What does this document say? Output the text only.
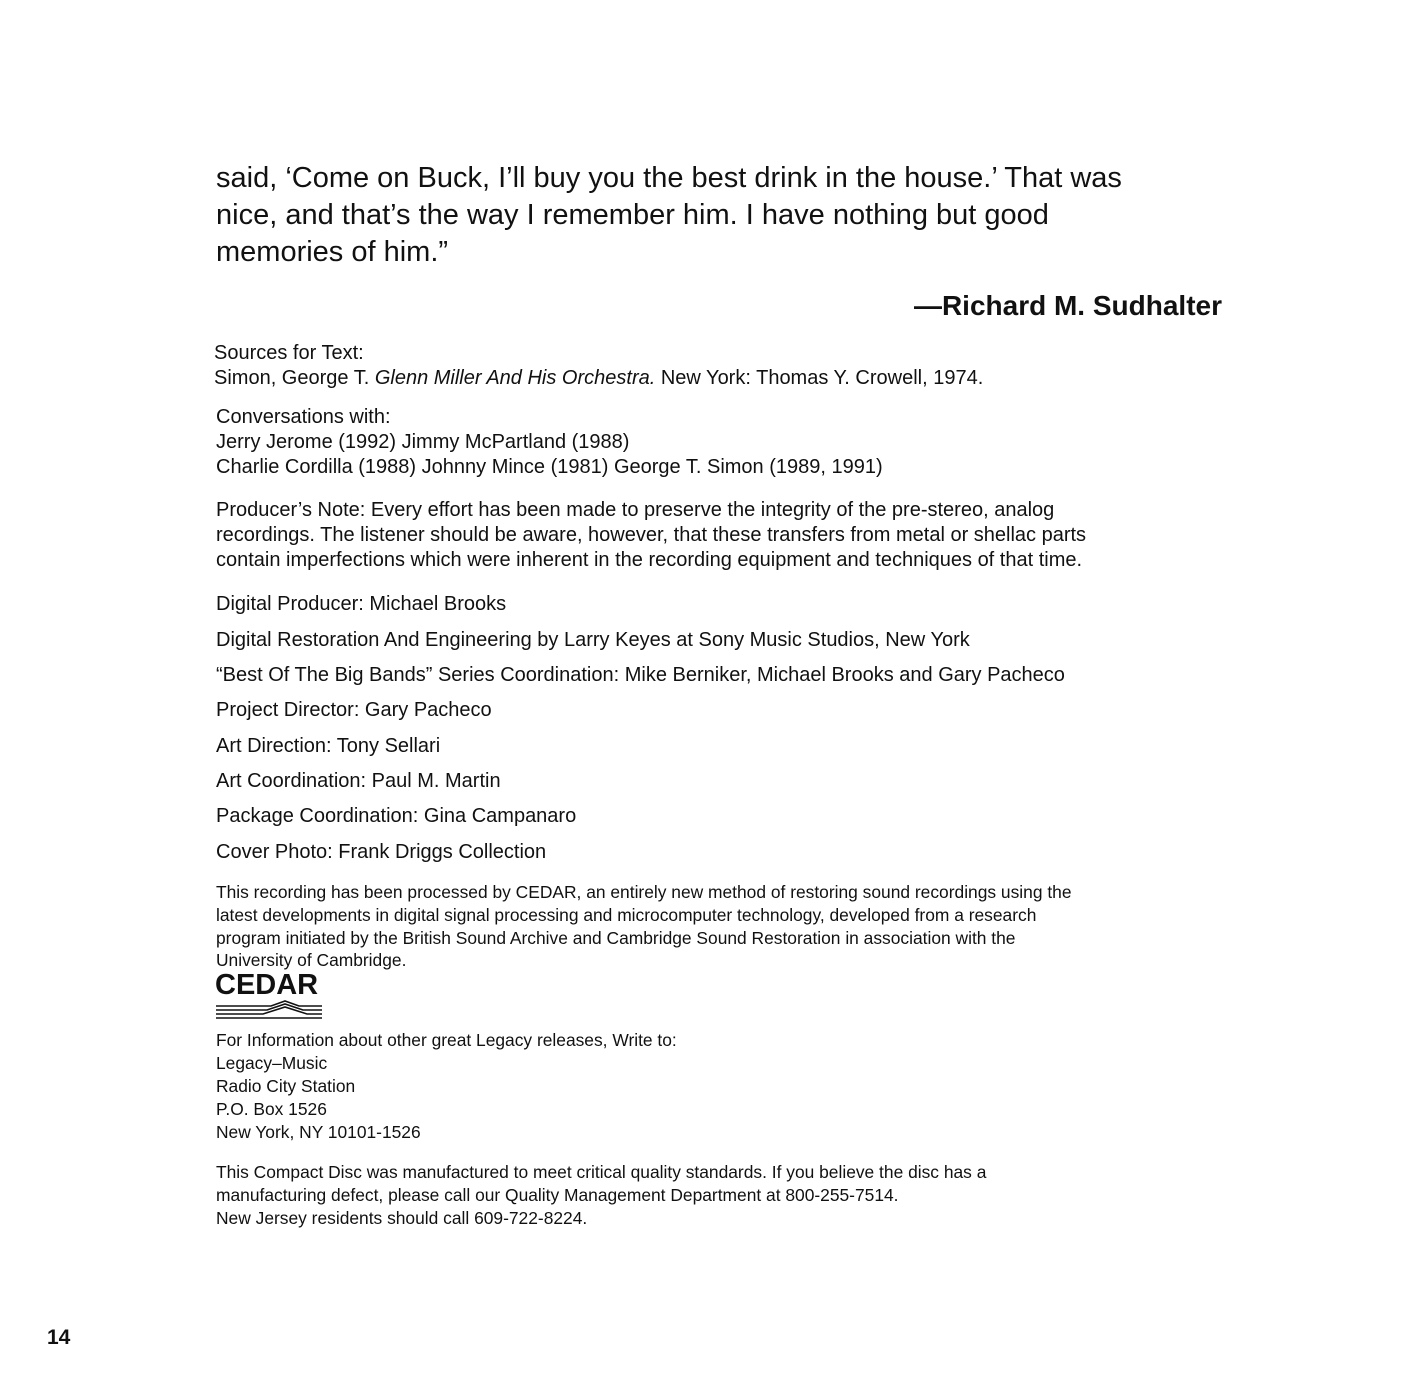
said, ‘Come on Buck, I’ll buy you the best drink in the house.’ That was
nice, and that’s the way I remember him. I have nothing but good
memories of him.”
—Richard M. Sudhalter
Sources for Text:
Simon, George T. Glenn Miller And His Orchestra. New York: Thomas Y. Crowell, 1974.
Conversations with:
Jerry Jerome (1992) Jimmy McPartland (1988)
Charlie Cordilla (1988) Johnny Mince (1981) George T. Simon (1989, 1991)
Producer’s Note: Every effort has been made to preserve the integrity of the pre-stereo, analog
recordings. The listener should be aware, however, that these transfers from metal or shellac parts
contain imperfections which were inherent in the recording equipment and techniques of that time.
Digital Producer: Michael Brooks
Digital Restoration And Engineering by Larry Keyes at Sony Music Studios, New York
“Best Of The Big Bands” Series Coordination: Mike Berniker, Michael Brooks and Gary Pacheco
Project Director: Gary Pacheco
Art Direction: Tony Sellari
Art Coordination: Paul M. Martin
Package Coordination: Gina Campanaro
Cover Photo: Frank Driggs Collection
This recording has been processed by CEDAR, an entirely new method of restoring sound recordings using the
latest developments in digital signal processing and microcomputer technology, developed from a research
program initiated by the British Sound Archive and Cambridge Sound Restoration in association with the
University of Cambridge.
CEDAR
For Information about other great Legacy releases, Write to:
Legacy–Music
Radio City Station
P.O. Box 1526
New York, NY 10101-1526
This Compact Disc was manufactured to meet critical quality standards. If you believe the disc has a
manufacturing defect, please call our Quality Management Department at 800-255-7514.
New Jersey residents should call 609-722-8224.
14
